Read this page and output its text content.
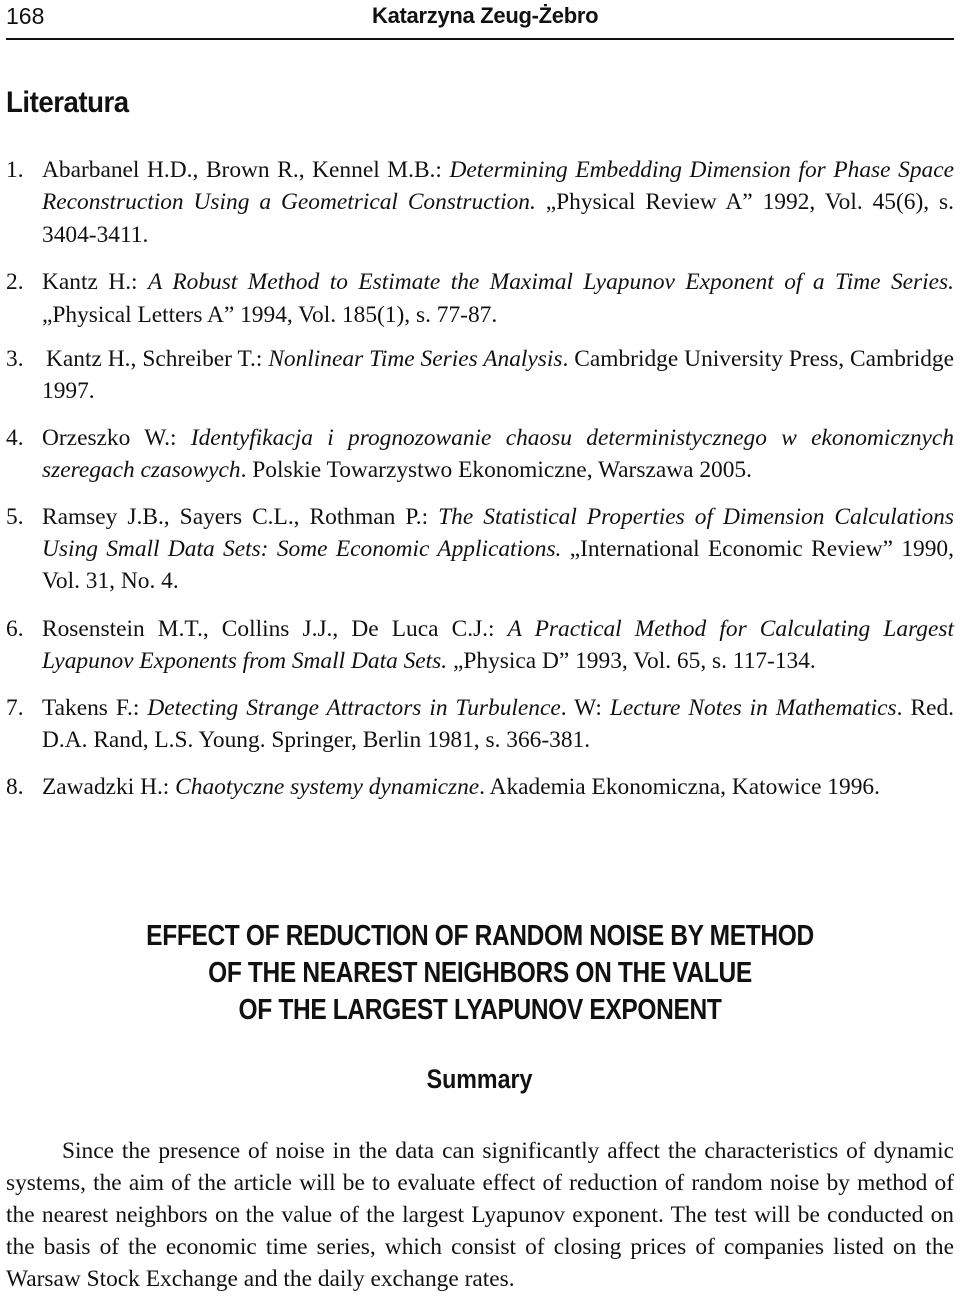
168	Katarzyna Zeug-Żebro
Literatura
1. Abarbanel H.D., Brown R., Kennel M.B.: Determining Embedding Dimension for Phase Space Reconstruction Using a Geometrical Construction. „Physical Review A” 1992, Vol. 45(6), s. 3404-3411.
2. Kantz H.: A Robust Method to Estimate the Maximal Lyapunov Exponent of a Time Series. „Physical Letters A” 1994, Vol. 185(1), s. 77-87.
3. Kantz H., Schreiber T.: Nonlinear Time Series Analysis. Cambridge University Press, Cambridge 1997.
4. Orzeszko W.: Identyfikacja i prognozowanie chaosu deterministycznego w ekonomicznych szeregach czasowych. Polskie Towarzystwo Ekonomiczne, Warszawa 2005.
5. Ramsey J.B., Sayers C.L., Rothman P.: The Statistical Properties of Dimension Calculations Using Small Data Sets: Some Economic Applications. „International Economic Review” 1990, Vol. 31, No. 4.
6. Rosenstein M.T., Collins J.J., De Luca C.J.: A Practical Method for Calculating Largest Lyapunov Exponents from Small Data Sets. „Physica D” 1993, Vol. 65, s. 117-134.
7. Takens F.: Detecting Strange Attractors in Turbulence. W: Lecture Notes in Mathematics. Red. D.A. Rand, L.S. Young. Springer, Berlin 1981, s. 366-381.
8. Zawadzki H.: Chaotyczne systemy dynamiczne. Akademia Ekonomiczna, Katowice 1996.
EFFECT OF REDUCTION OF RANDOM NOISE BY METHOD
OF THE NEAREST NEIGHBORS ON THE VALUE
OF THE LARGEST LYAPUNOV EXPONENT
Summary

Since the presence of noise in the data can significantly affect the characteristics of dynamic systems, the aim of the article will be to evaluate effect of reduction of random noise by method of the nearest neighbors on the value of the largest Lyapunov exponent. The test will be conducted on the basis of the economic time series, which consist of closing prices of companies listed on the Warsaw Stock Exchange and the daily exchange rates.
